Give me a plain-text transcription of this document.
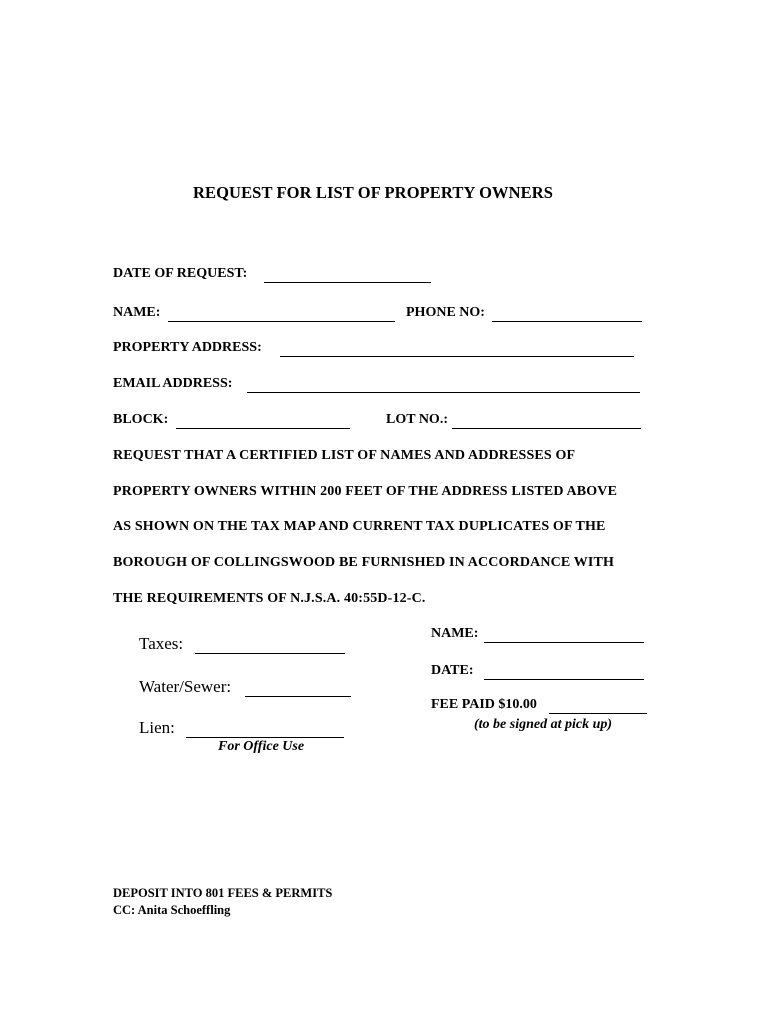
REQUEST FOR LIST OF PROPERTY OWNERS
DATE OF REQUEST:
NAME:	PHONE NO:
PROPERTY ADDRESS:
EMAIL ADDRESS:
BLOCK:	LOT NO.:
REQUEST THAT A CERTIFIED LIST OF NAMES AND ADDRESSES OF
PROPERTY OWNERS WITHIN 200 FEET OF THE ADDRESS LISTED ABOVE
AS SHOWN ON THE TAX MAP AND CURRENT TAX DUPLICATES OF THE
BOROUGH OF COLLINGSWOOD BE FURNISHED IN ACCORDANCE WITH
THE REQUIREMENTS OF N.J.S.A. 40:55D-12-C.
Taxes:
Water/Sewer:
Lien:
For Office Use
NAME:
DATE:
FEE PAID $10.00
(to be signed at pick up)
DEPOSIT INTO 801 FEES & PERMITS
CC: Anita Schoeffling
